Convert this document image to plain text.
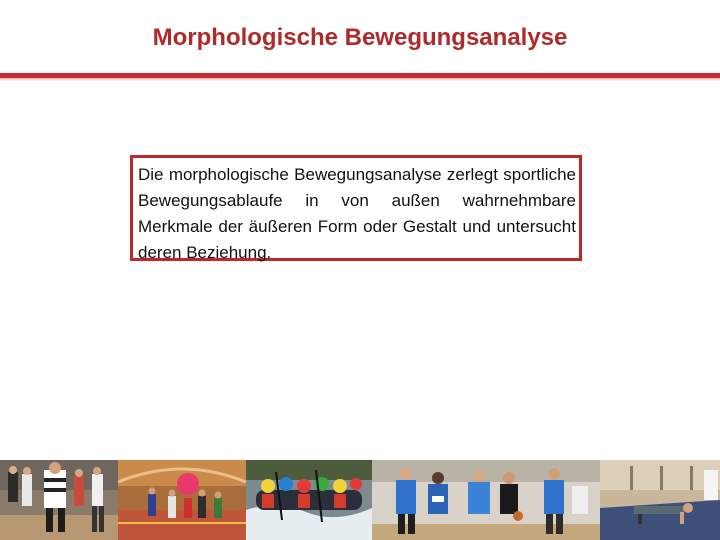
Morphologische Bewegungsanalyse
Die morphologische Bewegungsanalyse zerlegt sportliche Bewegungsablaufe in von außen wahrnehmbare Merkmale der äußeren Form oder Gestalt und untersucht deren Beziehung.
